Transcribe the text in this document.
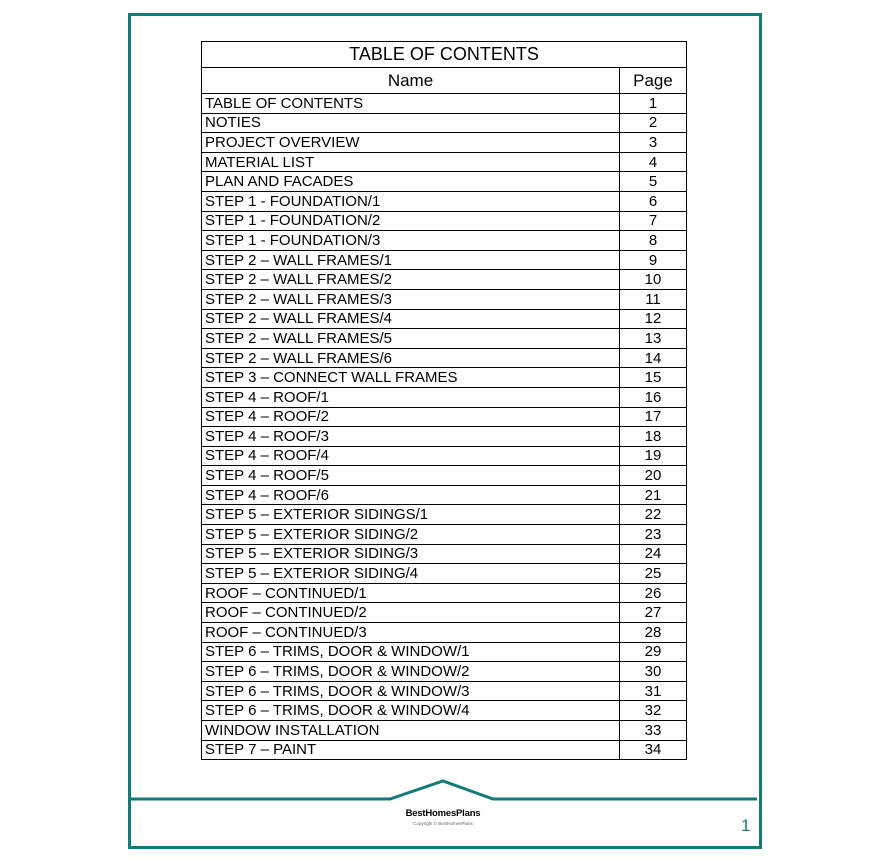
TABLE OF CONTENTS	
Name	Page
TABLE OF CONTENTS	1
NOTIES	2
PROJECT OVERVIEW	3
MATERIAL LIST	4
PLAN AND FACADES	5
STEP 1 - FOUNDATION/1	6
STEP 1 - FOUNDATION/2	7
STEP 1 - FOUNDATION/3	8
STEP 2 – WALL FRAMES/1	9
STEP 2 – WALL FRAMES/2	10
STEP 2 – WALL FRAMES/3	11
STEP 2 – WALL FRAMES/4	12
STEP 2 – WALL FRAMES/5	13
STEP 2 – WALL FRAMES/6	14
STEP 3 – CONNECT WALL FRAMES	15
STEP 4 – ROOF/1	16
STEP 4 – ROOF/2	17
STEP 4 – ROOF/3	18
STEP 4 – ROOF/4	19
STEP 4 – ROOF/5	20
STEP 4 – ROOF/6	21
STEP 5 – EXTERIOR SIDINGS/1	22
STEP 5 – EXTERIOR SIDING/2	23
STEP 5 – EXTERIOR SIDING/3	24
STEP 5 – EXTERIOR SIDING/4	25
ROOF – CONTINUED/1	26
ROOF – CONTINUED/2	27
ROOF – CONTINUED/3	28
STEP 6 – TRIMS, DOOR & WINDOW/1	29
STEP 6 – TRIMS, DOOR & WINDOW/2	30
STEP 6 – TRIMS, DOOR & WINDOW/3	31
STEP 6 – TRIMS, DOOR & WINDOW/4	32
WINDOW INSTALLATION	33
STEP 7 – PAINT	34
BestHomesPlans
Copyright © BestHomesPlans	1
